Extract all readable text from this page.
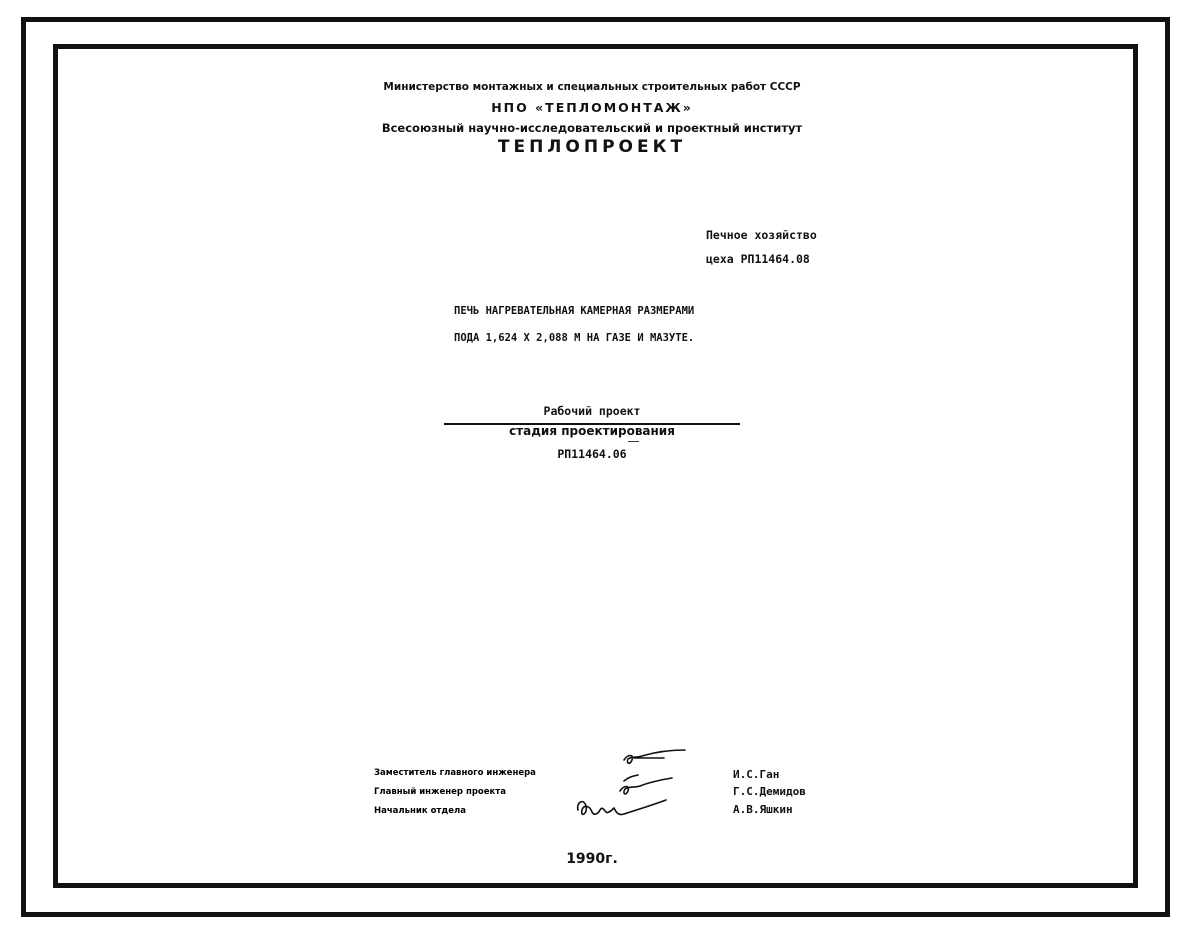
Министерство монтажных и специальных строительных работ СССР
НПО «ТЕПЛОМОНТАЖ»
Всесоюзный научно-исследовательский и проектный институт
ТЕПЛОПРОЕКТ
Печное хозяйство
цеха РП11464.08
ПЕЧЬ НАГРЕВАТЕЛЬНАЯ КАМЕРНАЯ РАЗМЕРАМИ
ПОДА 1,624 Х 2,088 М НА ГАЗЕ И МАЗУТЕ.
Рабочий проект
стадия проектирования
РП11464.06
Заместитель главного инженера
Главный инженер проекта
Начальник отдела
И.С.Ган
Г.С.Демидов
А.В.Яшкин
1990г.
